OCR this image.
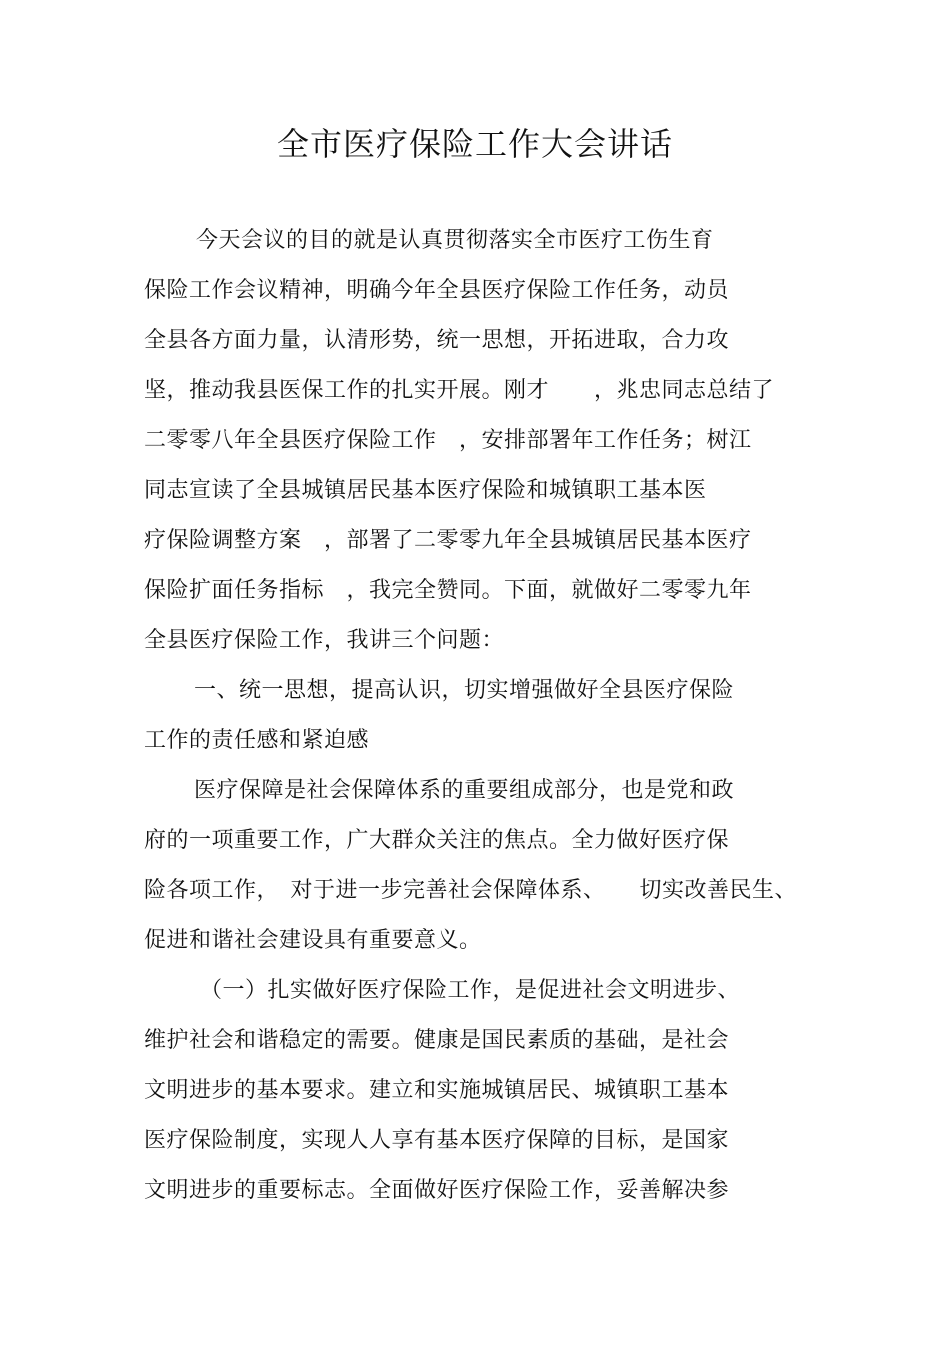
全市医疗保险工作大会讲话
今天会议的目的就是认真贯彻落实全市医疗工伤生育
保险工作会议精神，明确今年全县医疗保险工作任务，动员
全县各方面力量，认清形势，统一思想，开拓进取，合力攻
坚，推动我县医保工作的扎实开展。刚才　　，兆忠同志总结了
二零零八年全县医疗保险工作　，安排部署年工作任务；树江
同志宣读了全县城镇居民基本医疗保险和城镇职工基本医
疗保险调整方案　，部署了二零零九年全县城镇居民基本医疗
保险扩面任务指标　，我完全赞同。下面，就做好二零零九年
全县医疗保险工作，我讲三个问题：
一、统一思想，提高认识，切实增强做好全县医疗保险
工作的责任感和紧迫感
医疗保障是社会保障体系的重要组成部分，也是党和政
府的一项重要工作，广大群众关注的焦点。全力做好医疗保
险各项工作，　对于进一步完善社会保障体系、　　切实改善民生、
促进和谐社会建设具有重要意义。
（一）扎实做好医疗保险工作，是促进社会文明进步、
维护社会和谐稳定的需要。健康是国民素质的基础，是社会
文明进步的基本要求。建立和实施城镇居民、城镇职工基本
医疗保险制度，实现人人享有基本医疗保障的目标，是国家
文明进步的重要标志。全面做好医疗保险工作，妥善解决参
